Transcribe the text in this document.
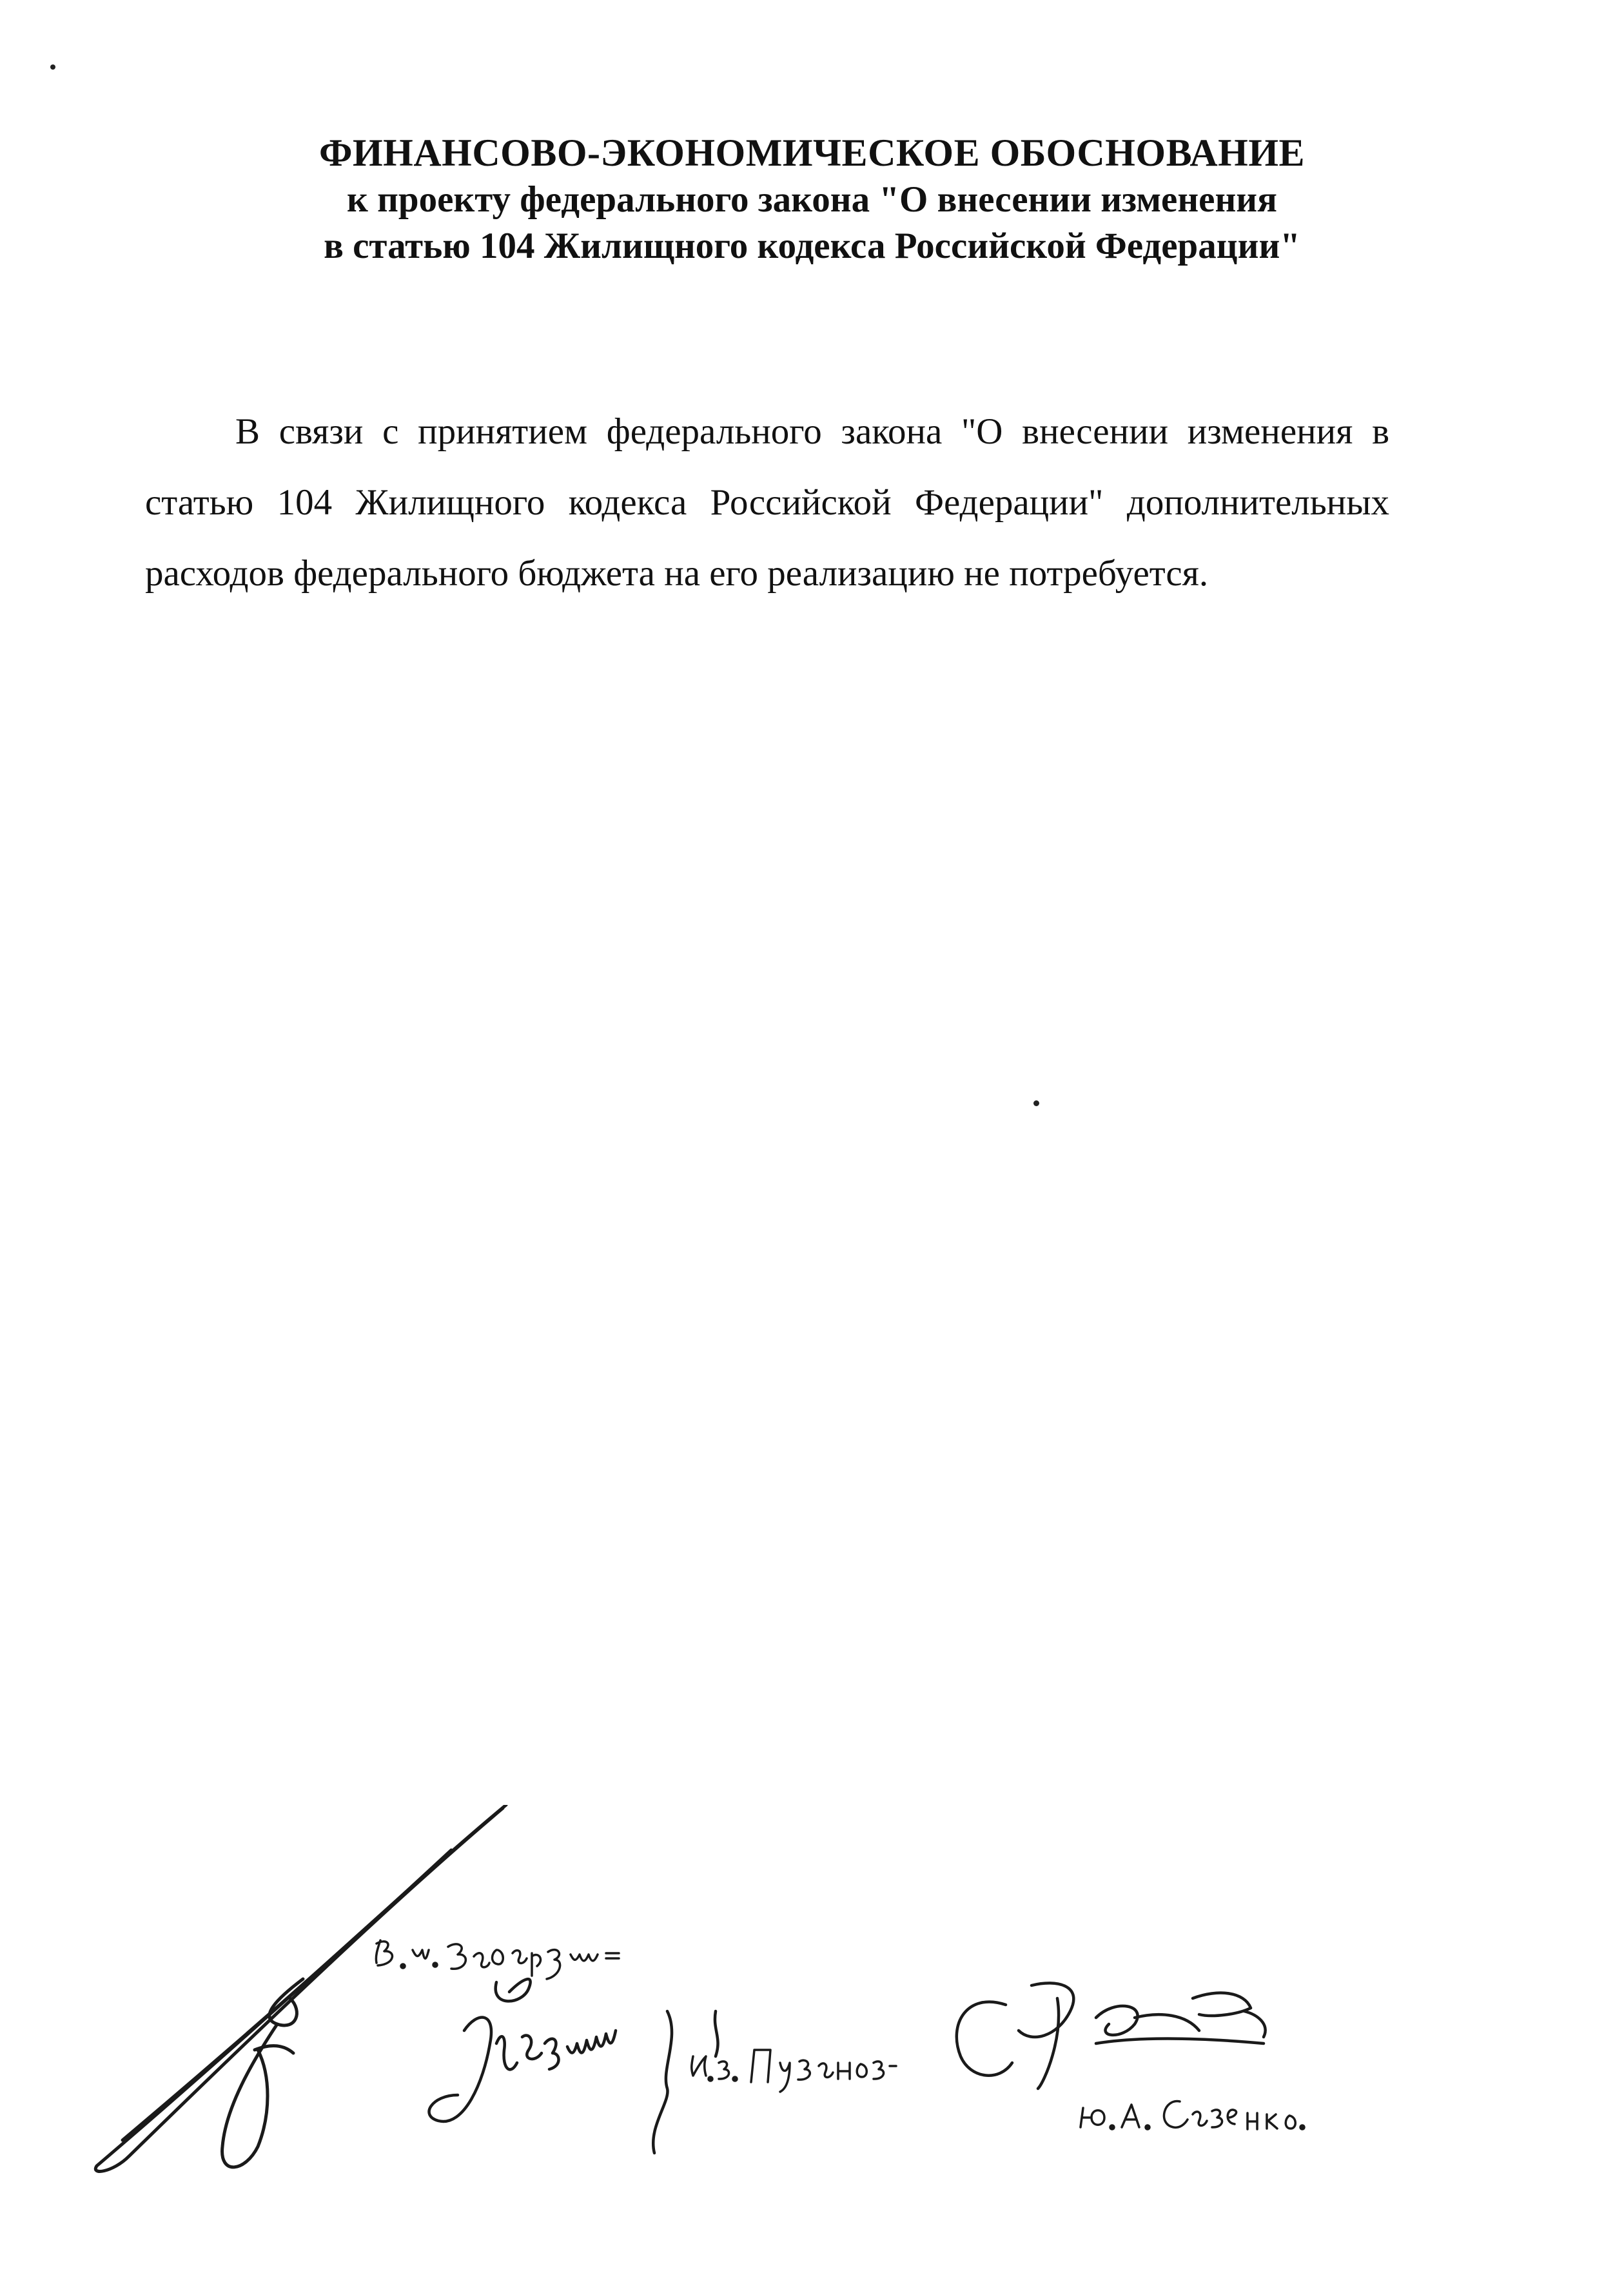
ФИНАНСОВО-ЭКОНОМИЧЕСКОЕ ОБОСНОВАНИЕ

к проекту федерального закона "О внесении изменения

в статью 104 Жилищного кодекса Российской Федерации"

В связи с принятием федерального закона "О внесении изменения в статью 104 Жилищного кодекса Российской Федерации" дополнительных расходов федерального бюджета на его реализацию не потребуется.
